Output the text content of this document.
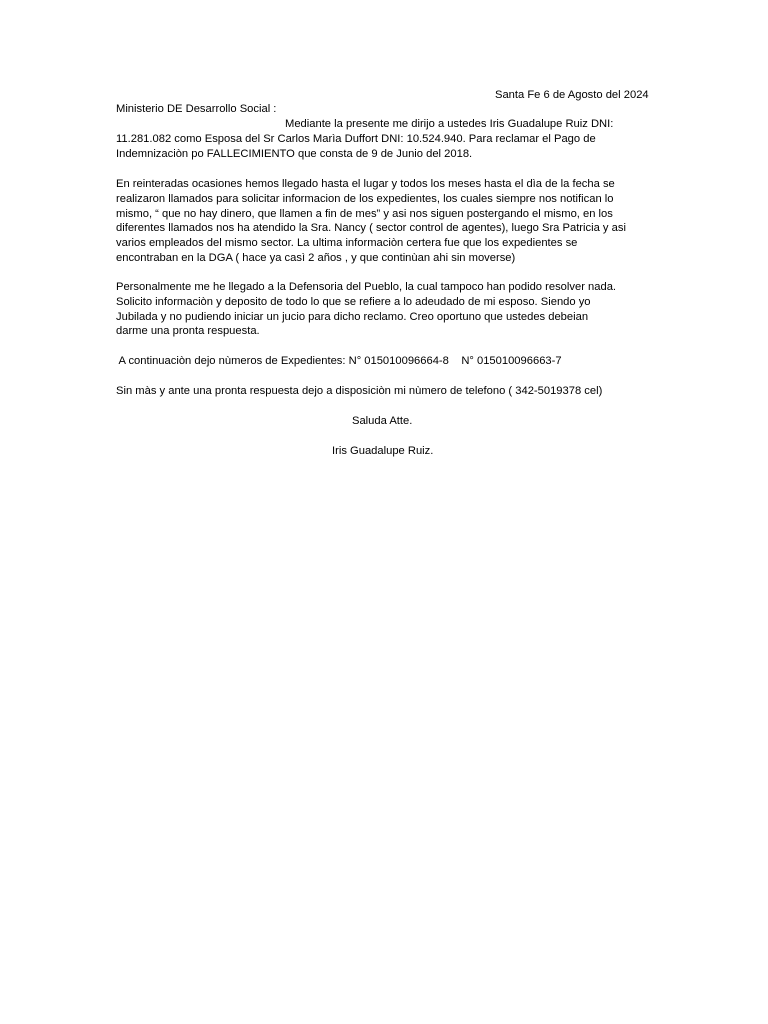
Santa Fe 6 de Agosto del 2024
Ministerio DE Desarrollo Social :
Mediante la presente me dirijo a ustedes Iris Guadalupe Ruiz DNI:
11.281.082 como Esposa del Sr Carlos Marìa Duffort DNI: 10.524.940. Para reclamar el Pago de
Indemnizaciòn po FALLECIMIENTO que consta de 9 de Junio del 2018.
En reinteradas ocasiones hemos llegado hasta el lugar y todos los meses hasta el dìa de la fecha se
realizaron llamados para solicitar informacion de los expedientes, los cuales siempre nos notifican lo
mismo, “ que no hay dinero, que llamen a fin de mes” y asi nos siguen postergando el mismo, en los
diferentes llamados nos ha atendido la Sra. Nancy ( sector control de agentes), luego Sra Patricia y asi
varios empleados del mismo sector. La ultima informaciòn certera fue que los expedientes se
encontraban en la DGA ( hace ya casì 2 años , y que continùan ahi sin moverse)
Personalmente me he llegado a la Defensoria del Pueblo, la cual tampoco han podido resolver nada.
Solicito informaciòn y deposito de todo lo que se refiere a lo adeudado de mi esposo. Siendo yo
Jubilada y no pudiendo iniciar un jucio para dicho reclamo. Creo oportuno que ustedes debeian
darme una pronta respuesta.
A continuaciòn dejo nùmeros de Expedientes: N° 015010096664-8    N° 015010096663-7
Sin màs y ante una pronta respuesta dejo a disposiciòn mi nùmero de telefono ( 342-5019378 cel)
Saluda Atte.
Iris Guadalupe Ruiz.
